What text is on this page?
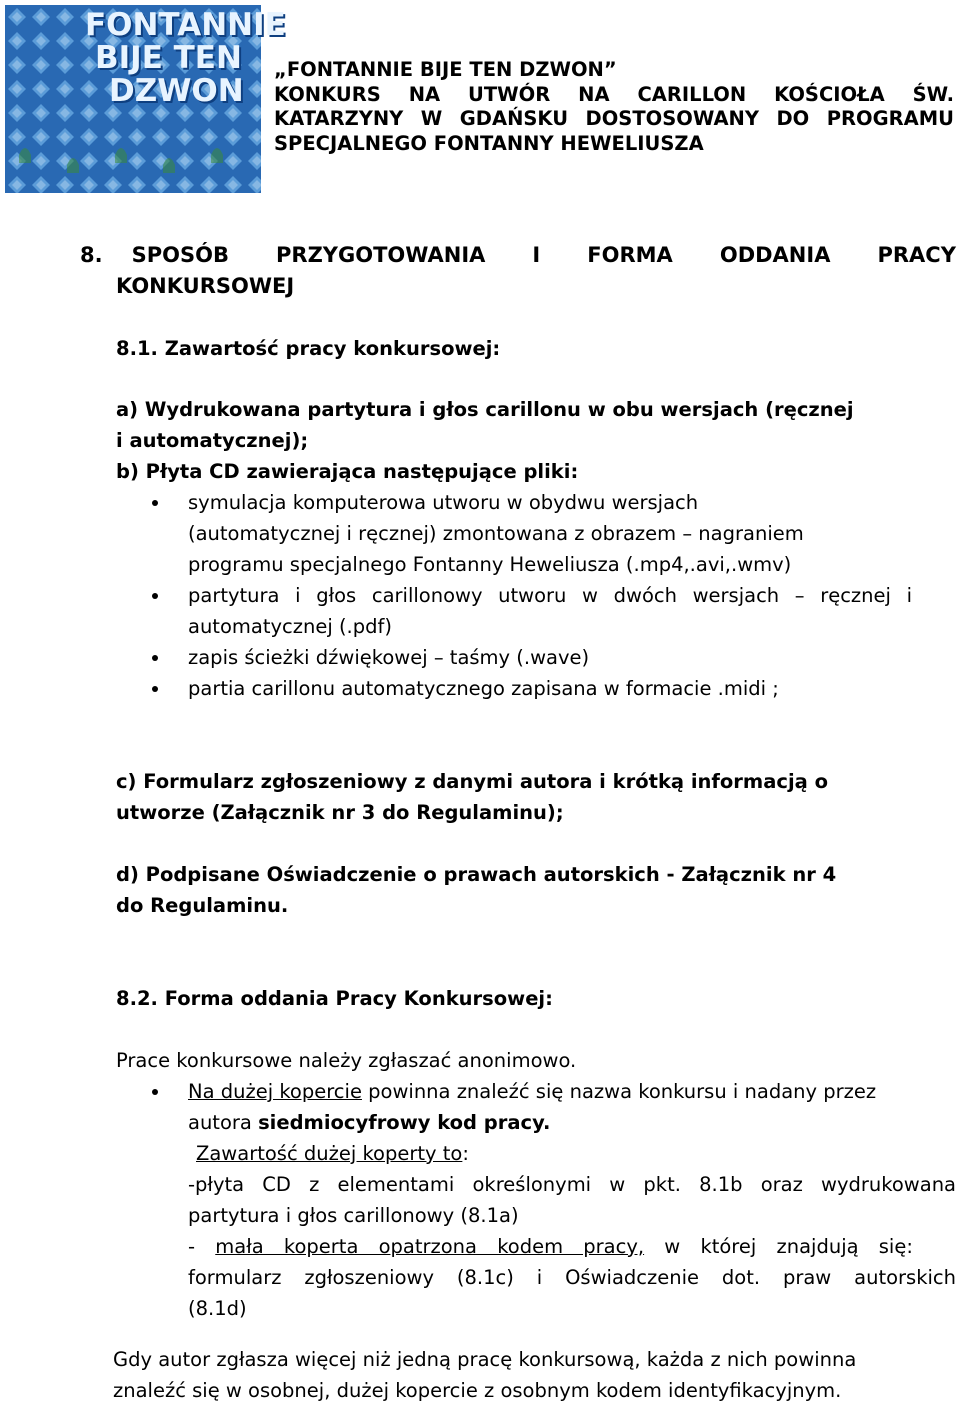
FONTANNIE
BIJE TEN
DZWON
„FONTANNIE BIJE TEN DZWON”
KONKURS NA UTWÓR NA CARILLON KOŚCIOŁA ŚW.
KATARZYNY W GDAŃSKU DOSTOSOWANY DO PROGRAMU
SPECJALNEGO FONTANNY HEWELIUSZA
8. SPOSÓB PRZYGOTOWANIA I FORMA ODDANIA PRACY
KONKURSOWEJ
8.1. Zawartość pracy konkursowej:
a) Wydrukowana partytura i głos carillonu w obu wersjach (ręcznej
i automatycznej);
b) Płyta CD zawierająca następujące pliki:
symulacja komputerowa utworu w obydwu wersjach
(automatycznej i ręcznej) zmontowana z obrazem – nagraniem
programu specjalnego Fontanny Heweliusza (.mp4,.avi,.wmv)
partytura i głos carillonowy utworu w dwóch wersjach – ręcznej i
automatycznej (.pdf)
zapis ścieżki dźwiękowej – taśmy (.wave)
partia carillonu automatycznego zapisana w formacie .midi ;
c) Formularz zgłoszeniowy z danymi autora i krótką informacją o
utworze (Załącznik nr 3 do Regulaminu);
d) Podpisane Oświadczenie o prawach autorskich - Załącznik nr 4
do Regulaminu.
8.2. Forma oddania Pracy Konkursowej:
Prace konkursowe należy zgłaszać anonimowo.
Na dużej kopercie powinna znaleźć się nazwa konkursu i nadany przez
autora siedmiocyfrowy kod pracy.
Zawartość dużej koperty to:
-płyta CD z elementami określonymi w pkt. 8.1b oraz wydrukowana
partytura i głos carillonowy (8.1a)
- mała koperta opatrzona kodem pracy, w której znajdują się:
formularz zgłoszeniowy (8.1c) i Oświadczenie dot. praw autorskich
(8.1d)
Gdy autor zgłasza więcej niż jedną pracę konkursową, każda z nich powinna
znaleźć się w osobnej, dużej kopercie z osobnym kodem identyfikacyjnym.
